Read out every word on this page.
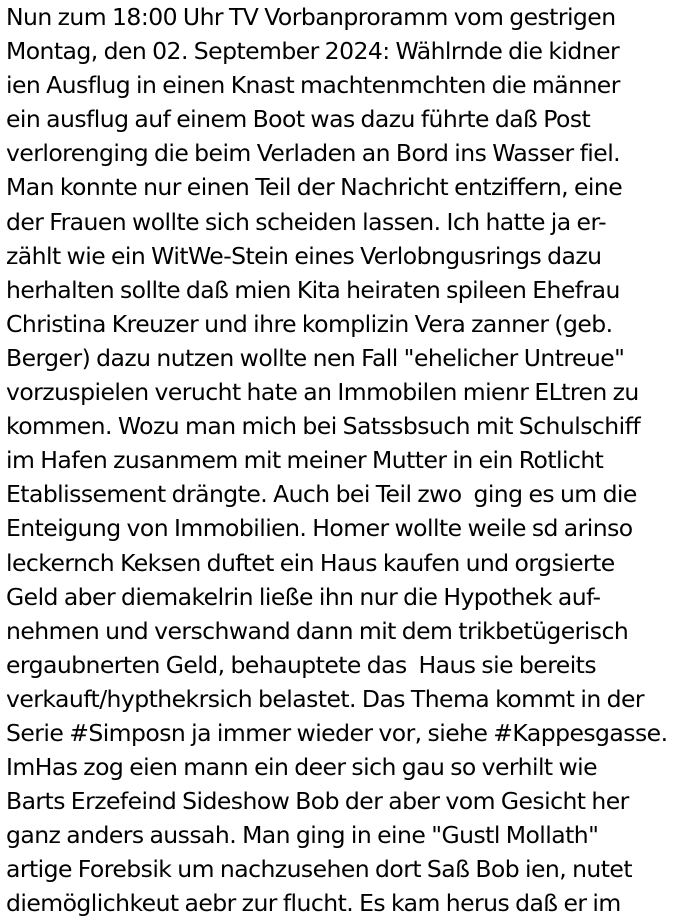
Nun zum 18:00 Uhr TV Vorbanproramm vom gestrigen
Montag, den 02. September 2024: Wählrnde die kidner
ien Ausflug in einen Knast machtenmchten die männer
ein ausflug auf einem Boot was dazu führte daß Post
verlorenging die beim Verladen an Bord ins Wasser fiel.
Man konnte nur einen Teil der Nachricht entziffern, eine
der Frauen wollte sich scheiden lassen. Ich hatte ja er-
zählt wie ein WitWe-Stein eines Verlobngusrings dazu
herhalten sollte daß mien Kita heiraten spileen Ehefrau
Christina Kreuzer und ihre komplizin Vera zanner (geb.
Berger) dazu nutzen wollte nen Fall "ehelicher Untreue"
vorzuspielen verucht hate an Immobilen mienr ELtren zu
kommen. Wozu man mich bei Satssbsuch mit Schulschiff
im Hafen zusanmem mit meiner Mutter in ein Rotlicht
Etablissement drängte. Auch bei Teil zwo  ging es um die
Enteigung von Immobilien. Homer wollte weile sd arinso
leckernch Keksen duftet ein Haus kaufen und orgsierte
Geld aber diemakelrin ließe ihn nur die Hypothek auf-
nehmen und verschwand dann mit dem trikbetügerisch
ergaubnerten Geld, behauptete das  Haus sie bereits
verkauft/hypthekrsich belastet. Das Thema kommt in der
Serie #Simposn ja immer wieder vor, siehe #Kappesgasse.
ImHas zog eien mann ein deer sich gau so verhilt wie
Barts Erzefeind Sideshow Bob der aber vom Gesicht her
ganz anders aussah. Man ging in eine "Gustl Mollath"
artige Forebsik um nachzusehen dort Saß Bob ien, nutet
diemöglichkeut aebr zur flucht. Es kam herus daß er im
